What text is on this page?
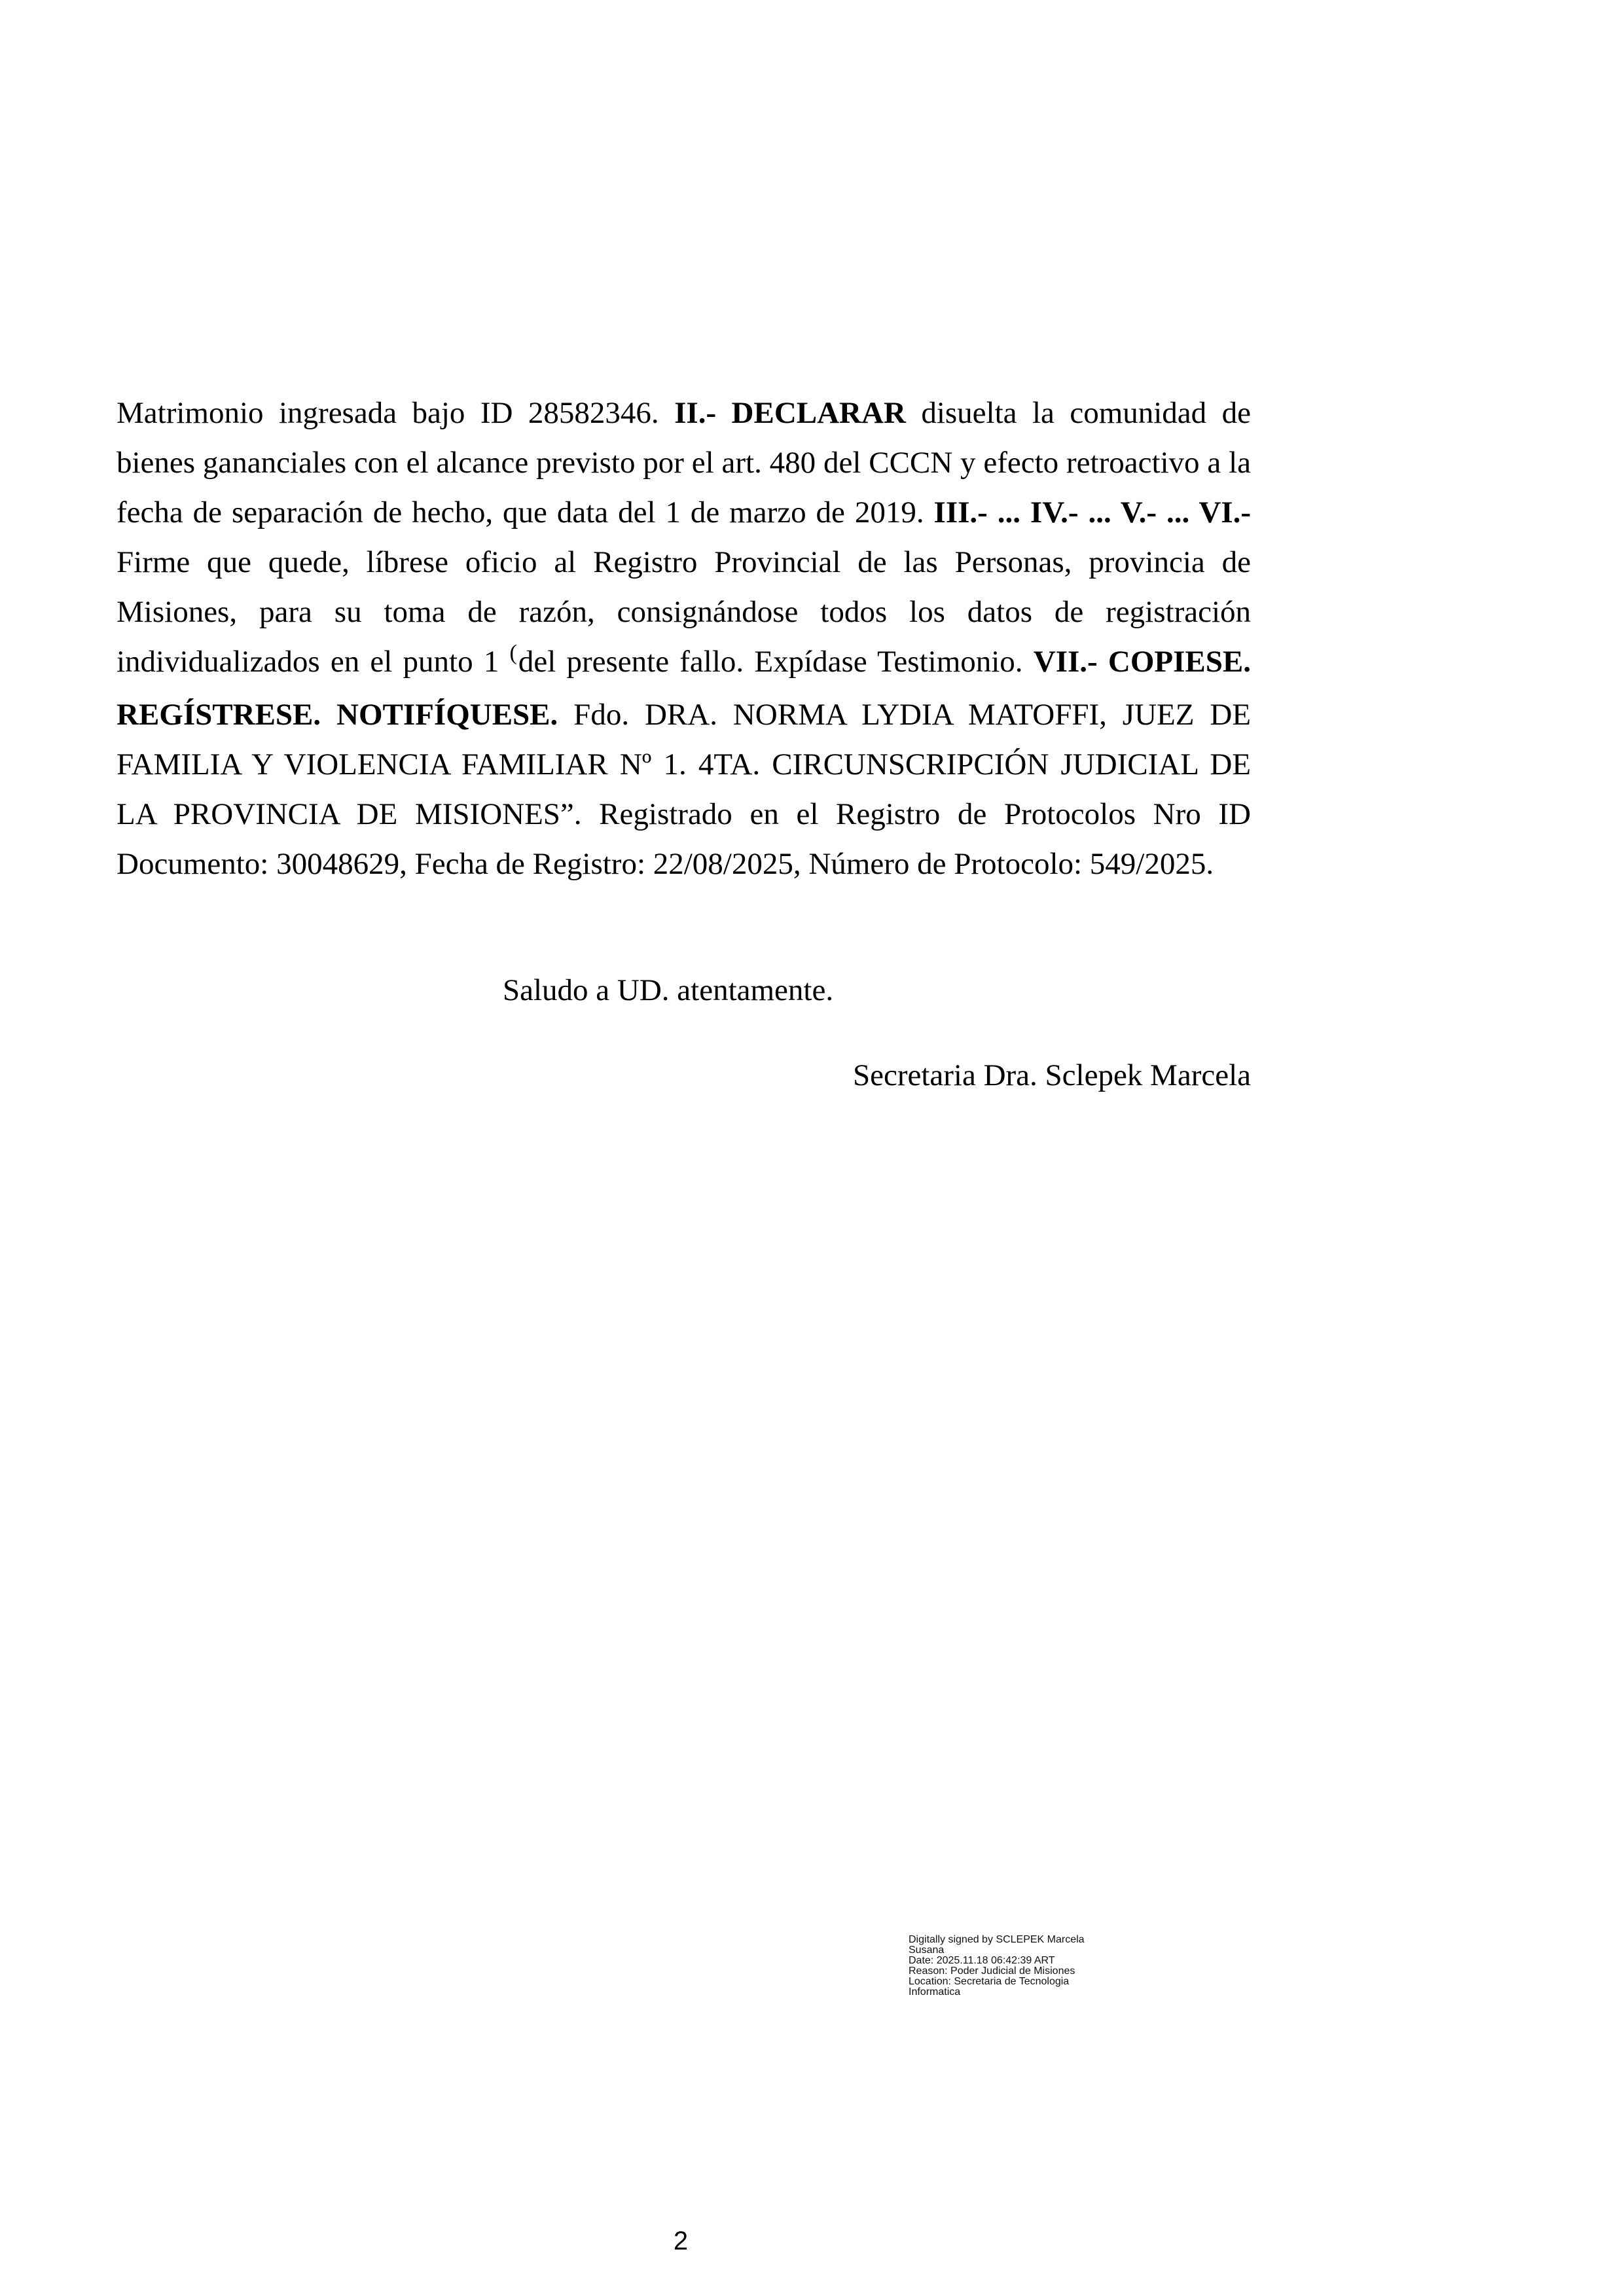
Matrimonio ingresada bajo ID 28582346. II.- DECLARAR disuelta la comunidad de bienes gananciales con el alcance previsto por el art. 480 del CCCN y efecto retroactivo a la fecha de separación de hecho, que data del 1 de marzo de 2019. III.- ... IV.- ... V.- ... VI.- Firme que quede, líbrese oficio al Registro Provincial de las Personas, provincia de Misiones, para su toma de razón, consignándose todos los datos de registración individualizados en el punto 1 (del presente fallo. Expídase Testimonio. VII.- COPIESE. REGÍSTRESE. NOTIFÍQUESE. Fdo. DRA. NORMA LYDIA MATOFFI, JUEZ DE FAMILIA Y VIOLENCIA FAMILIAR Nº 1. 4TA. CIRCUNSCRIPCIÓN JUDICIAL DE LA PROVINCIA DE MISIONES”. Registrado en el Registro de Protocolos Nro ID Documento: 30048629, Fecha de Registro: 22/08/2025, Número de Protocolo: 549/2025.

Saludo a UD. atentamente.

Secretaria Dra. Sclepek Marcela

Digitally signed by SCLEPEK Marcela
Susana
Date: 2025.11.18 06:42:39 ART
Reason: Poder Judicial de Misiones
Location: Secretaria de Tecnologia
Informatica
2
